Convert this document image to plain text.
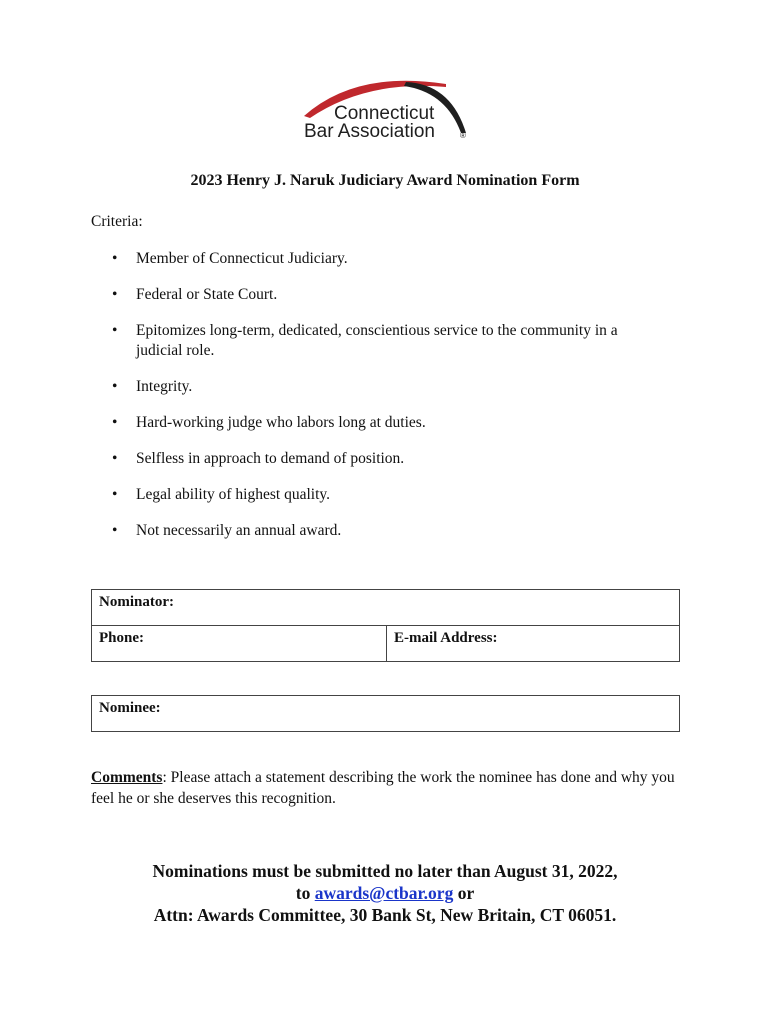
Connecticut
Bar Association	®
2023 Henry J. Naruk Judiciary Award Nomination Form
Criteria:
• Member of Connecticut Judiciary.
• Federal or State Court.
• Epitomizes long-term, dedicated, conscientious service to the community in a judicial role.
• Integrity.
• Hard-working judge who labors long at duties.
• Selfless in approach to demand of position.
• Legal ability of highest quality.
• Not necessarily an annual award.
Nominator:
Phone:	E-mail Address:
Nominee:
Comments: Please attach a statement describing the work the nominee has done and why you feel he or she deserves this recognition.
Nominations must be submitted no later than August 31, 2022,
to awards@ctbar.org or
Attn: Awards Committee, 30 Bank St, New Britain, CT 06051.
